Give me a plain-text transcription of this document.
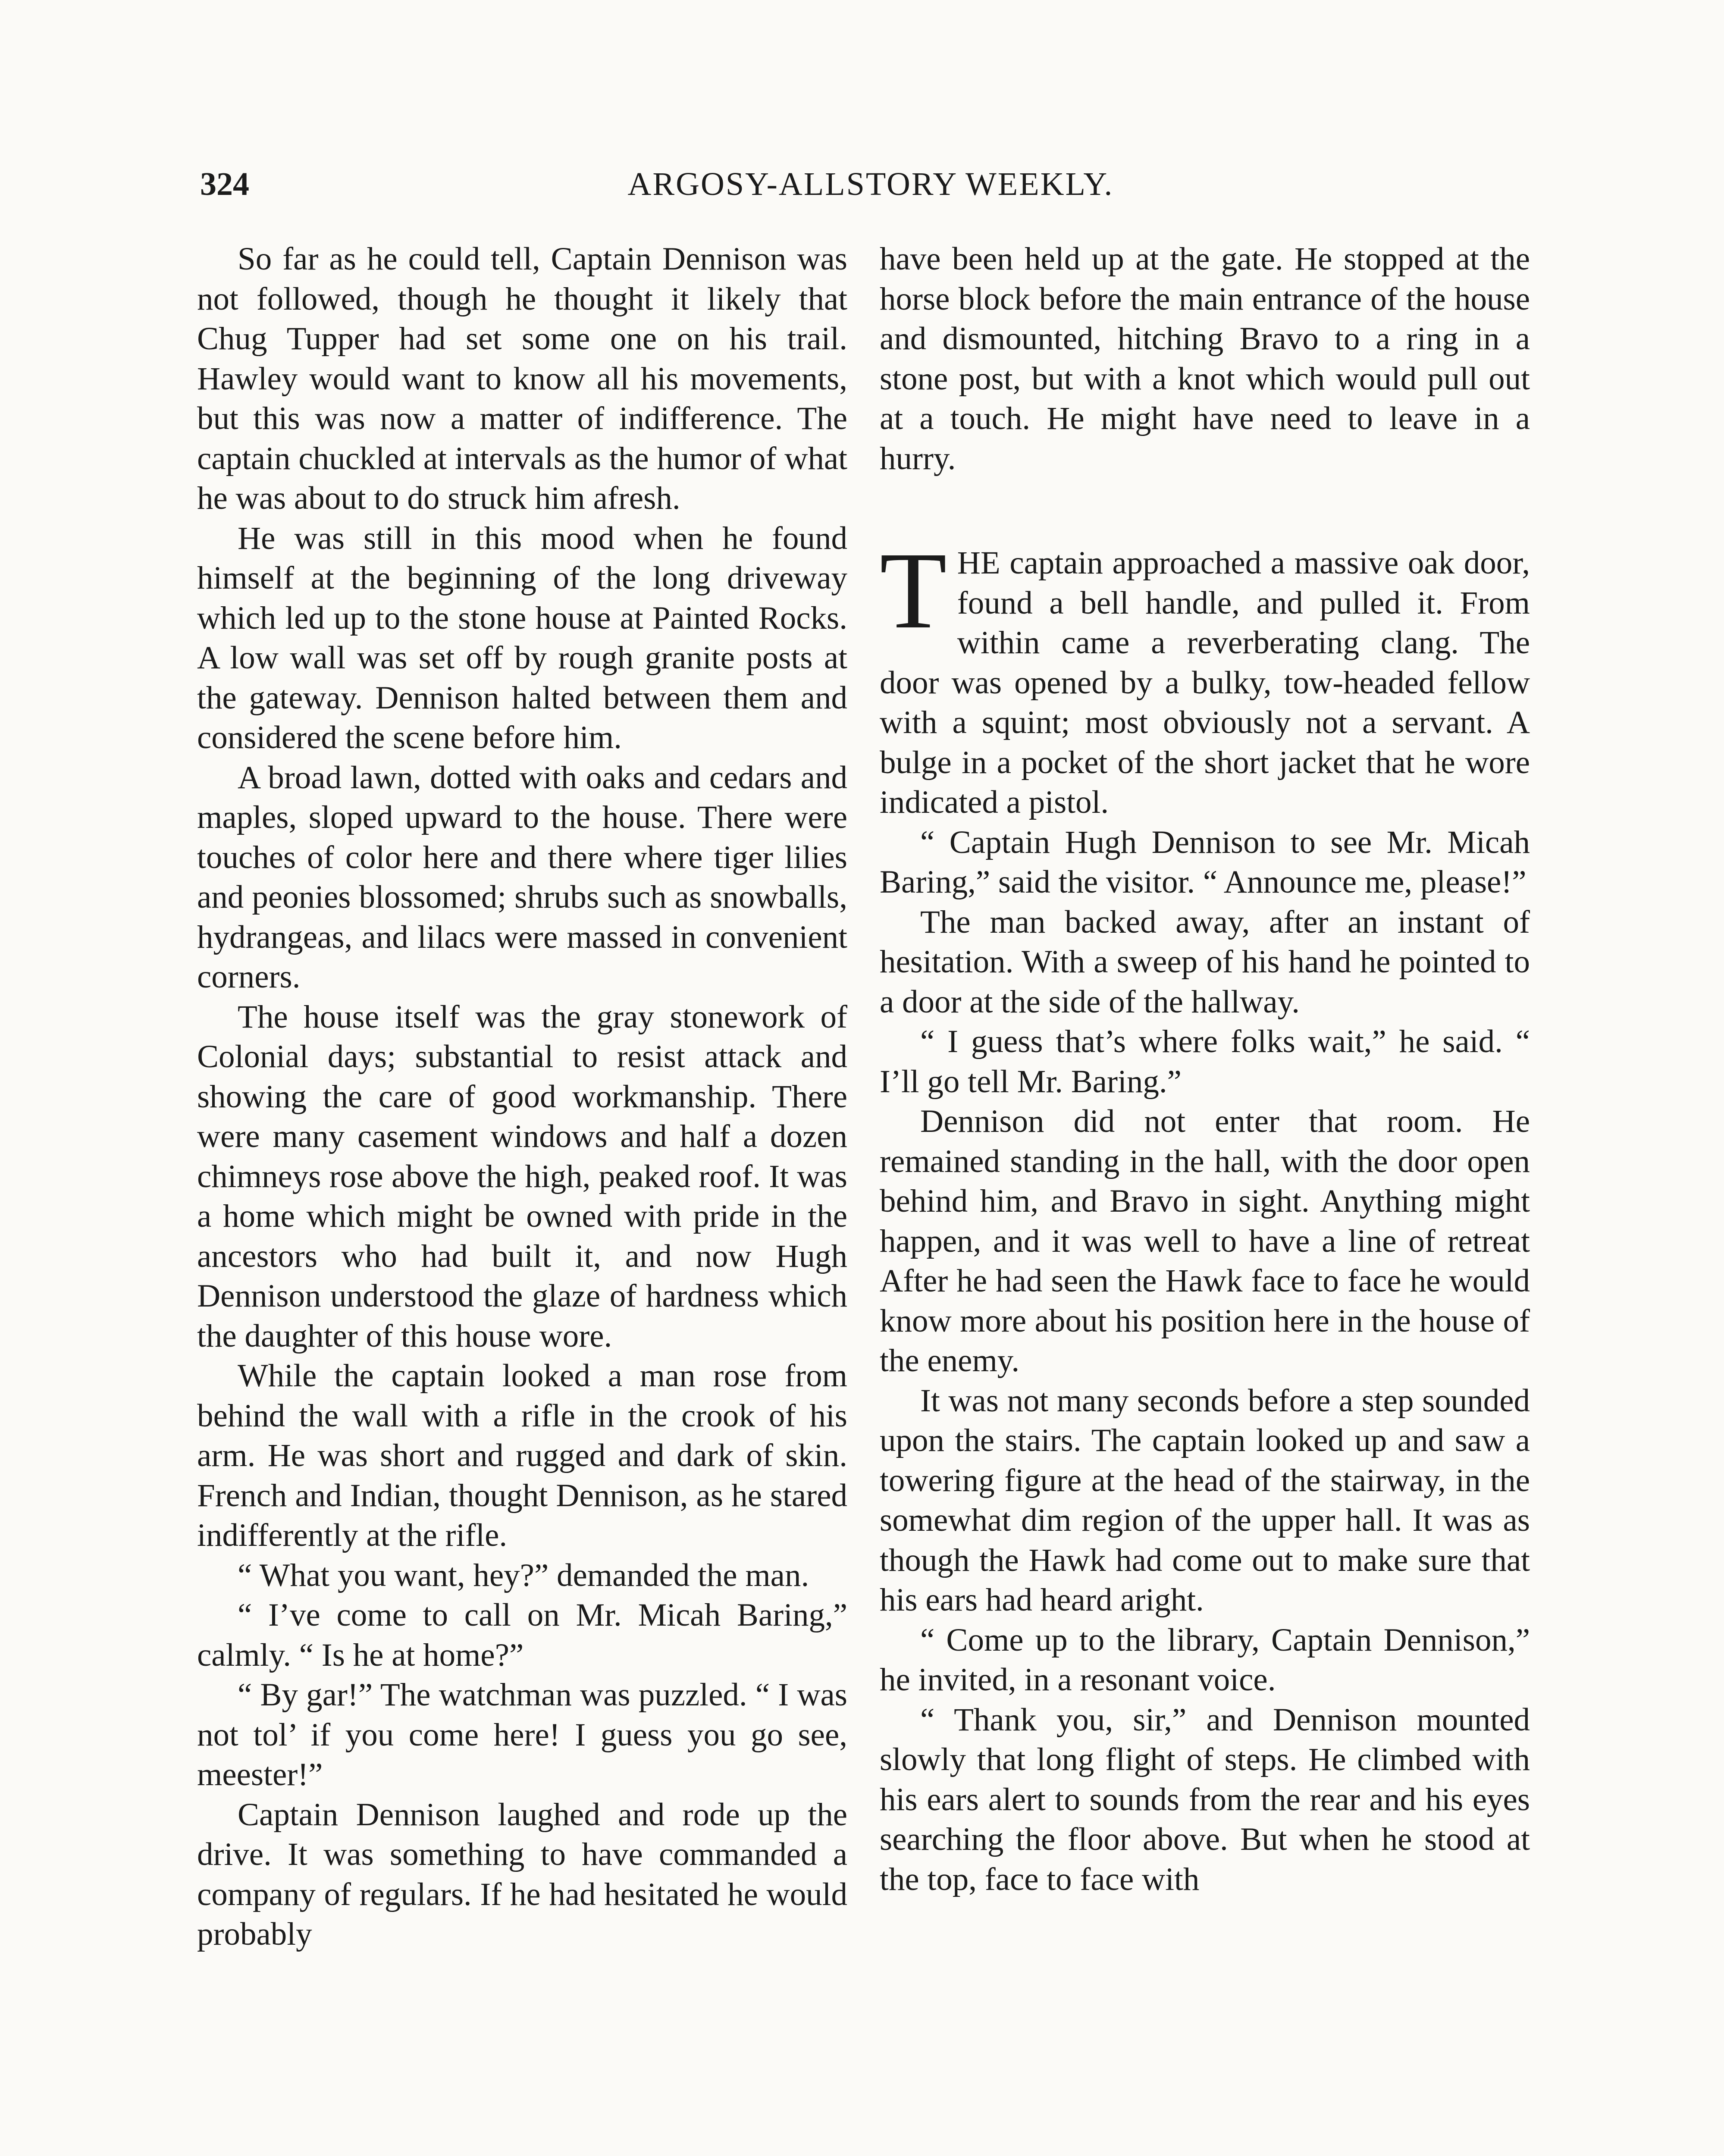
324	ARGOSY-ALLSTORY WEEKLY.

So far as he could tell, Captain Dennison was not followed, though he thought it likely that Chug Tupper had set some one on his trail. Hawley would want to know all his movements, but this was now a matter of indifference. The captain chuckled at intervals as the humor of what he was about to do struck him afresh.

He was still in this mood when he found himself at the beginning of the long driveway which led up to the stone house at Painted Rocks. A low wall was set off by rough granite posts at the gateway. Dennison halted between them and considered the scene before him.

A broad lawn, dotted with oaks and cedars and maples, sloped upward to the house. There were touches of color here and there where tiger lilies and peonies blossomed; shrubs such as snowballs, hydrangeas, and lilacs were massed in convenient corners.

The house itself was the gray stonework of Colonial days; substantial to resist attack and showing the care of good workmanship. There were many casement windows and half a dozen chimneys rose above the high, peaked roof. It was a home which might be owned with pride in the ancestors who had built it, and now Hugh Dennison understood the glaze of hardness which the daughter of this house wore.

While the captain looked a man rose from behind the wall with a rifle in the crook of his arm. He was short and rugged and dark of skin. French and Indian, thought Dennison, as he stared indifferently at the rifle.

“ What you want, hey?” demanded the man.

“ I’ve come to call on Mr. Micah Baring,” calmly. “ Is he at home?”

“ By gar!” The watchman was puzzled. “ I was not tol’ if you come here! I guess you go see, meester!”

Captain Dennison laughed and rode up the drive. It was something to have commanded a company of regulars. If he had hesitated he would probably

have been held up at the gate. He stopped at the horse block before the main entrance of the house and dismounted, hitching Bravo to a ring in a stone post, but with a knot which would pull out at a touch. He might have need to leave in a hurry.

THE captain approached a massive oak door, found a bell handle, and pulled it. From within came a reverberating clang. The door was opened by a bulky, tow-headed fellow with a squint; most obviously not a servant. A bulge in a pocket of the short jacket that he wore indicated a pistol.

“ Captain Hugh Dennison to see Mr. Micah Baring,” said the visitor. “ Announce me, please!”

The man backed away, after an instant of hesitation. With a sweep of his hand he pointed to a door at the side of the hallway.

“ I guess that’s where folks wait,” he said. “ I’ll go tell Mr. Baring.”

Dennison did not enter that room. He remained standing in the hall, with the door open behind him, and Bravo in sight. Anything might happen, and it was well to have a line of retreat After he had seen the Hawk face to face he would know more about his position here in the house of the enemy.

It was not many seconds before a step sounded upon the stairs. The captain looked up and saw a towering figure at the head of the stairway, in the somewhat dim region of the upper hall. It was as though the Hawk had come out to make sure that his ears had heard aright.

“ Come up to the library, Captain Dennison,” he invited, in a resonant voice.

“ Thank you, sir,” and Dennison mounted slowly that long flight of steps. He climbed with his ears alert to sounds from the rear and his eyes searching the floor above. But when he stood at the top, face to face with
